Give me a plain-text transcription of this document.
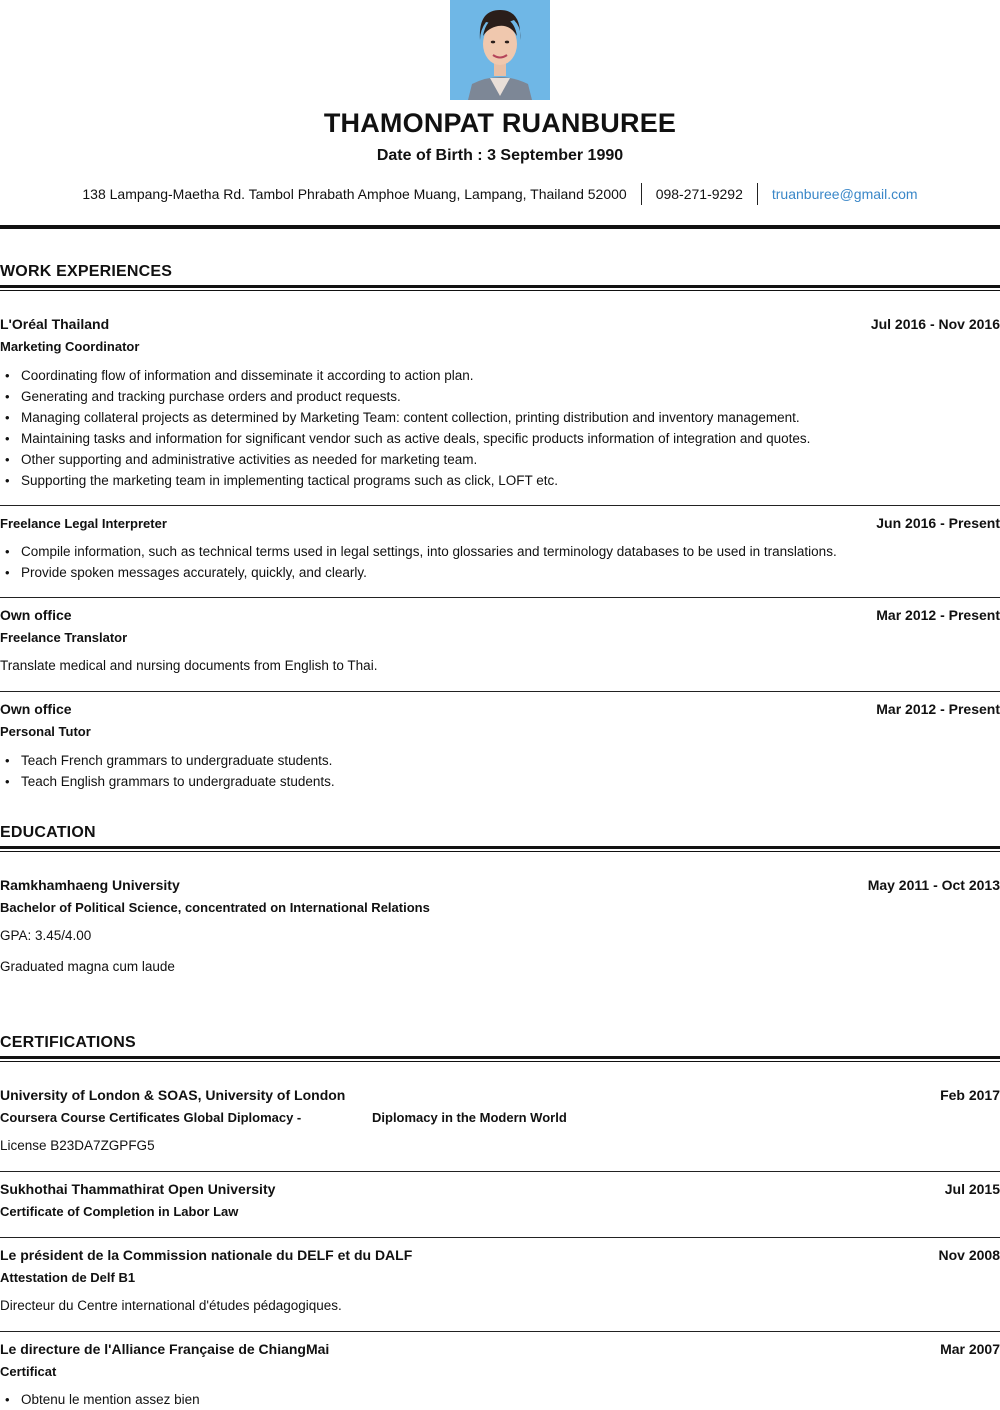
THAMONPAT RUANBUREE
Date of Birth : 3 September 1990
138 Lampang-Maetha Rd. Tambol Phrabath Amphoe Muang, Lampang, Thailand 52000	098-271-9292	truanburee@gmail.com
WORK EXPERIENCES
L'Oréal Thailand	Jul 2016 - Nov 2016
Marketing Coordinator
• Coordinating flow of information and disseminate it according to action plan.
• Generating and tracking purchase orders and product requests.
• Managing collateral projects as determined by Marketing Team: content collection, printing distribution and inventory management.
• Maintaining tasks and information for significant vendor such as active deals, specific products information of integration and quotes.
• Other supporting and administrative activities as needed for marketing team.
• Supporting the marketing team in implementing tactical programs such as click, LOFT etc.
Freelance Legal Interpreter	Jun 2016 - Present
• Compile information, such as technical terms used in legal settings, into glossaries and terminology databases to be used in translations.
• Provide spoken messages accurately, quickly, and clearly.
Own office	Mar 2012 - Present
Freelance Translator
Translate medical and nursing documents from English to Thai.
Own office	Mar 2012 - Present
Personal Tutor
• Teach French grammars to undergraduate students.
• Teach English grammars to undergraduate students.
EDUCATION
Ramkhamhaeng University	May 2011 - Oct 2013
Bachelor of Political Science, concentrated on International Relations
GPA: 3.45/4.00
Graduated magna cum laude
CERTIFICATIONS
University of London & SOAS, University of London	Feb 2017
Coursera Course Certificates Global Diplomacy -	Diplomacy in the Modern World
License B23DA7ZGPFG5
Sukhothai Thammathirat Open University	Jul 2015
Certificate of Completion in Labor Law
Le président de la Commission nationale du DELF et du DALF	Nov 2008
Attestation de Delf B1
Directeur du Centre international d'études pédagogiques.
Le directure de l'Alliance Française de ChiangMai	Mar 2007
Certificat
• Obtenu le mention assez bien
